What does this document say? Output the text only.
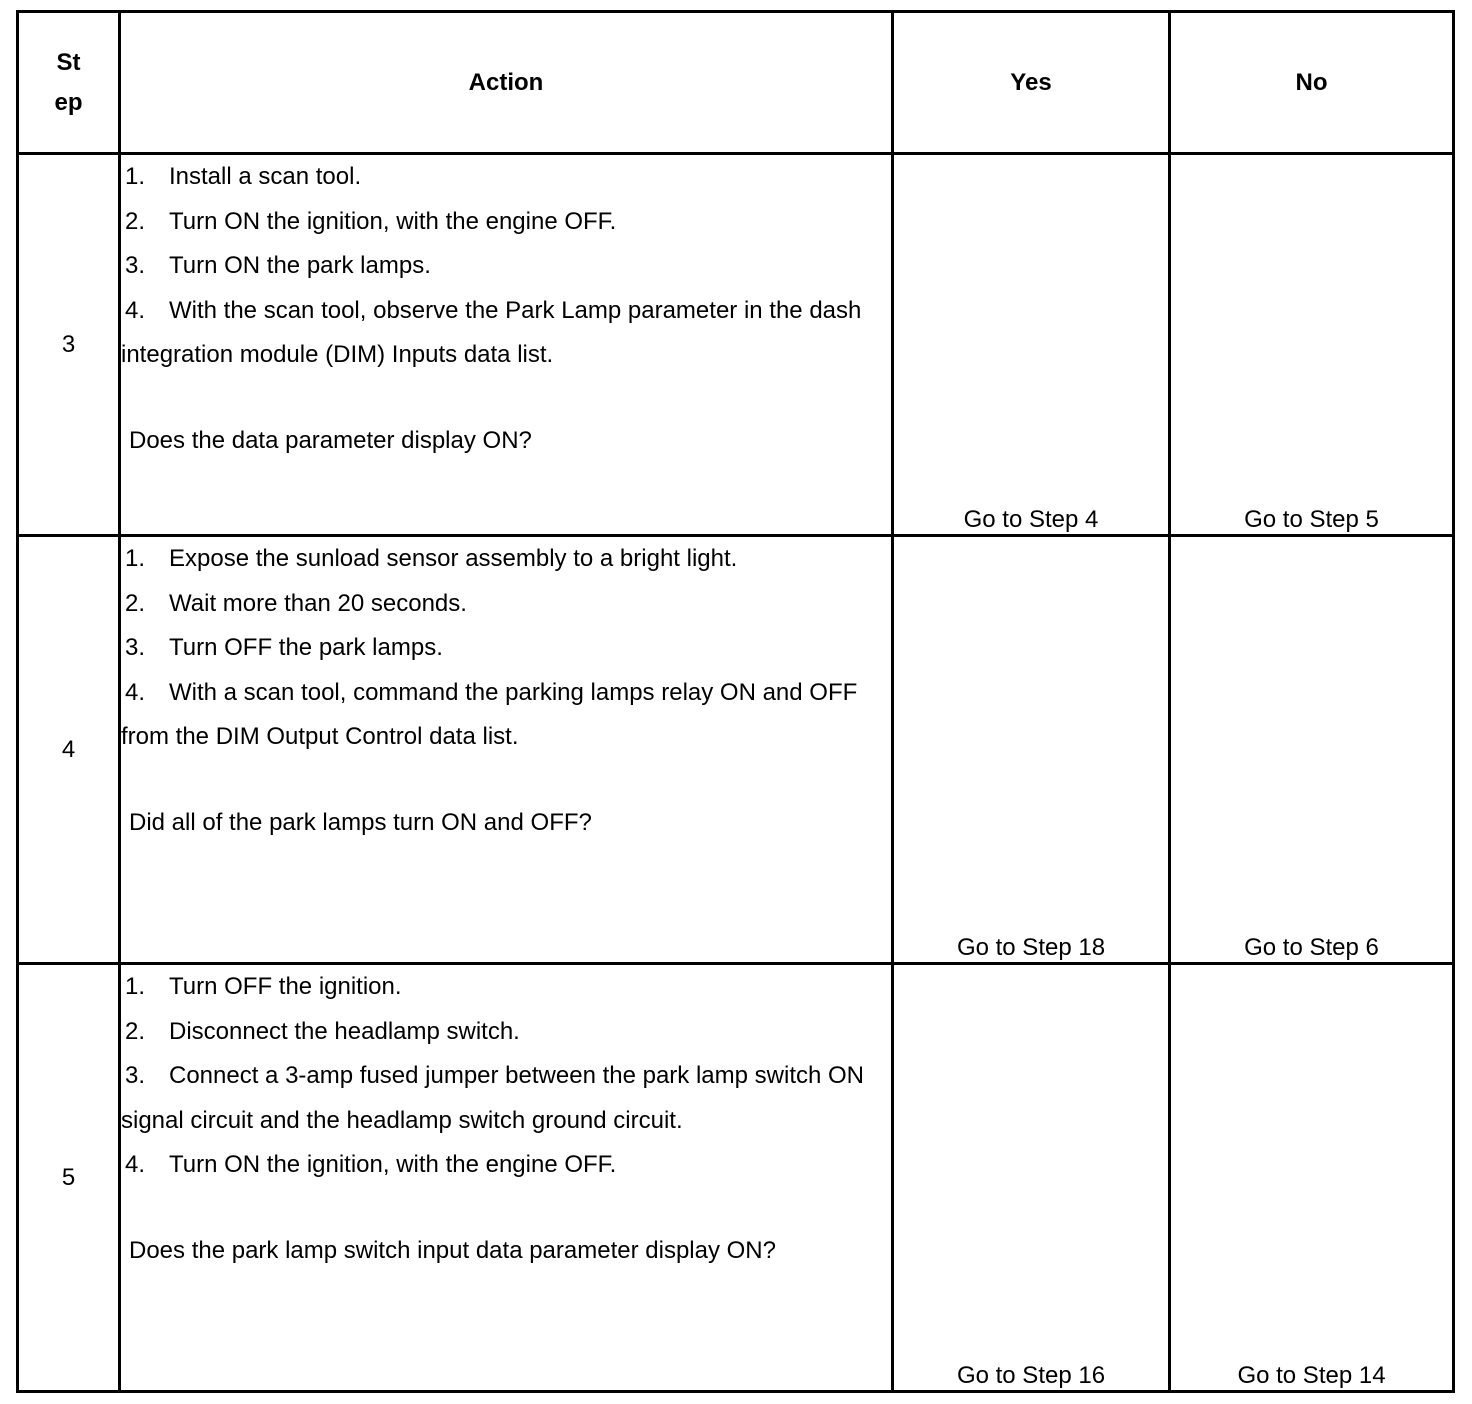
St
ep	Action	Yes	No
3	1. Install a scan tool.
2. Turn ON the ignition, with the engine OFF.
3. Turn ON the park lamps.
4. With the scan tool, observe the Park Lamp parameter in the dash integration module (DIM) Inputs data list.
Does the data parameter display ON?	Go to Step 4	Go to Step 5
4	1. Expose the sunload sensor assembly to a bright light.
2. Wait more than 20 seconds.
3. Turn OFF the park lamps.
4. With a scan tool, command the parking lamps relay ON and OFF from the DIM Output Control data list.
Did all of the park lamps turn ON and OFF?	Go to Step 18	Go to Step 6
5	1. Turn OFF the ignition.
2. Disconnect the headlamp switch.
3. Connect a 3-amp fused jumper between the park lamp switch ON signal circuit and the headlamp switch ground circuit.
4. Turn ON the ignition, with the engine OFF.
Does the park lamp switch input data parameter display ON?	Go to Step 16	Go to Step 14
